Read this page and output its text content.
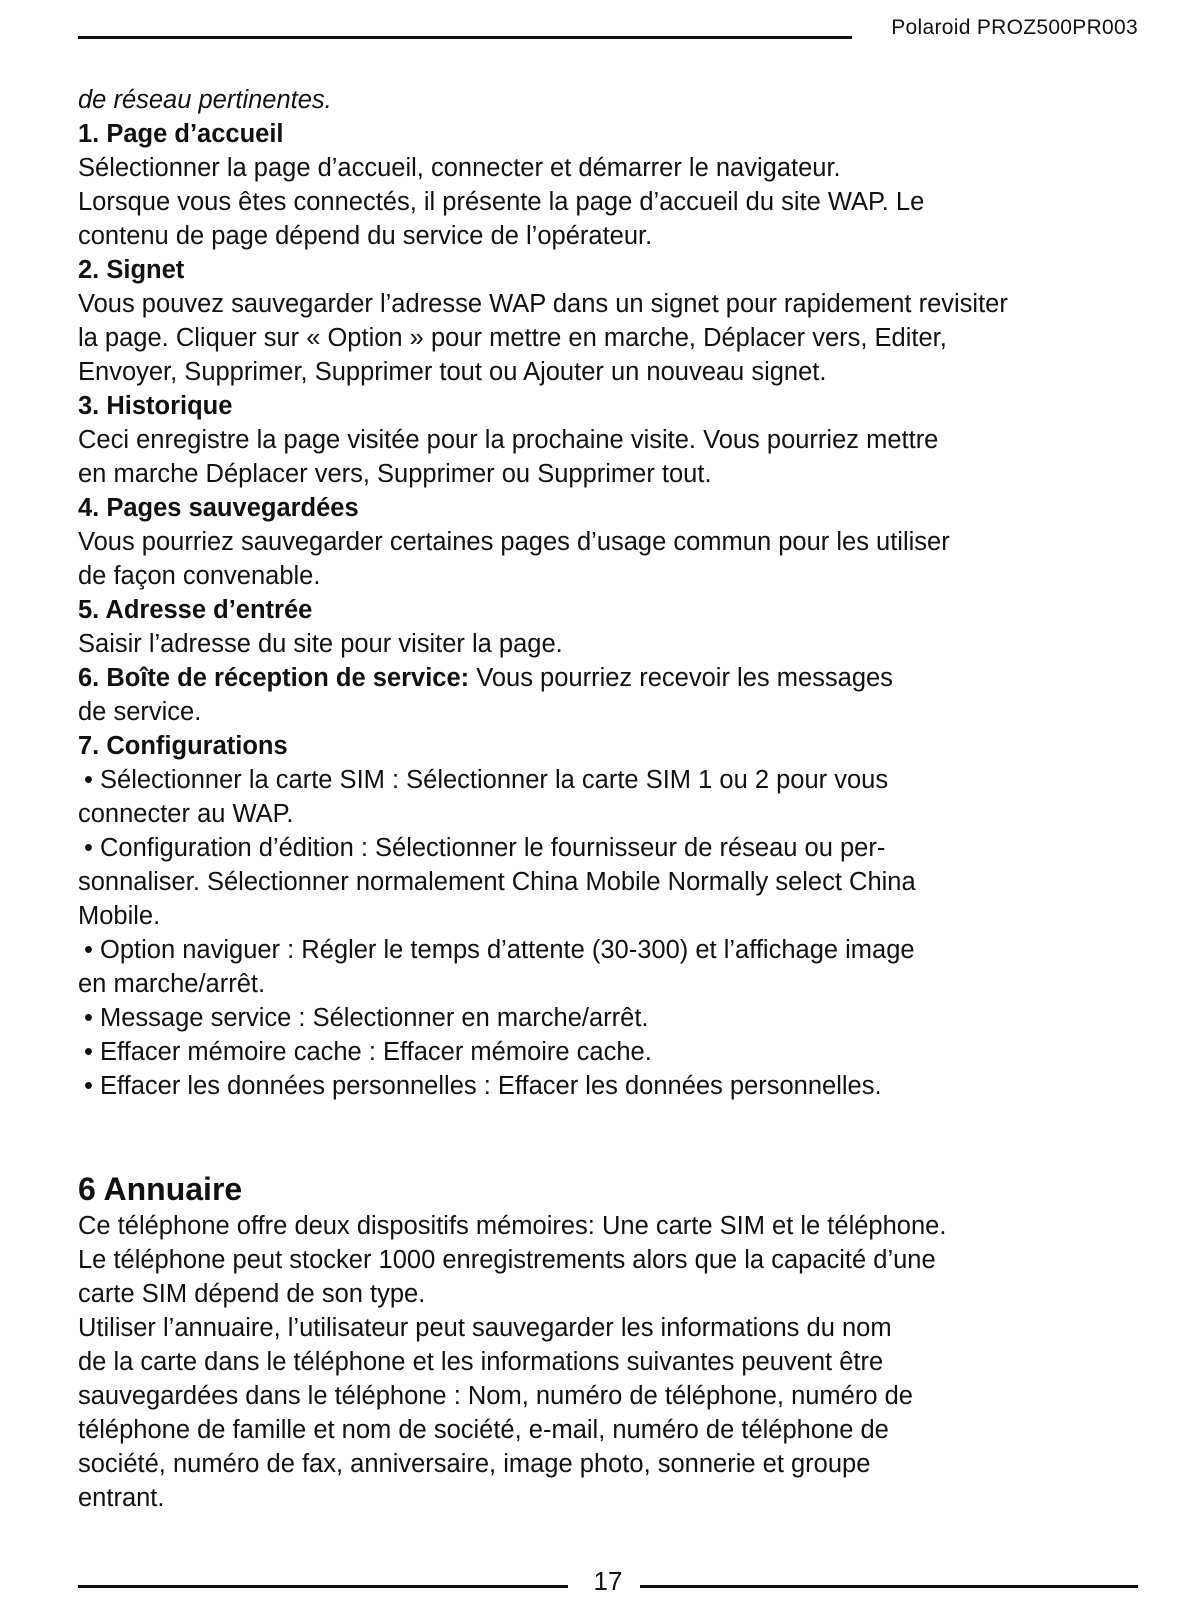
Polaroid PROZ500PR003

de réseau pertinentes.

1. Page d’accueil

Sélectionner la page d’accueil, connecter et démarrer le navigateur.

Lorsque vous êtes connectés, il présente la page d’accueil du site WAP. Le

contenu de page dépend du service de l’opérateur.

2. Signet

Vous pouvez sauvegarder l’adresse WAP dans un signet pour rapidement revisiter

la page. Cliquer sur « Option » pour mettre en marche, Déplacer vers, Editer,

Envoyer, Supprimer, Supprimer tout ou Ajouter un nouveau signet.

3. Historique

Ceci enregistre la page visitée pour la prochaine visite. Vous pourriez mettre

en marche Déplacer vers, Supprimer ou Supprimer tout.

4. Pages sauvegardées

Vous pourriez sauvegarder certaines pages d’usage commun pour les utiliser

de façon convenable.

5. Adresse d’entrée

Saisir l’adresse du site pour visiter la page.

6. Boîte de réception de service: Vous pourriez recevoir les messages

de service.

7. Configurations

• Sélectionner la carte SIM : Sélectionner la carte SIM 1 ou 2 pour vous

connecter au WAP.

• Configuration d’édition : Sélectionner le fournisseur de réseau ou per-

sonnaliser. Sélectionner normalement China Mobile Normally select China

Mobile.

• Option naviguer : Régler le temps d’attente (30-300) et l’affichage image

en marche/arrêt.

• Message service : Sélectionner en marche/arrêt.

• Effacer mémoire cache : Effacer mémoire cache.

• Effacer les données personnelles : Effacer les données personnelles.

6 Annuaire

Ce téléphone offre deux dispositifs mémoires: Une carte SIM et le téléphone.

Le téléphone peut stocker 1000 enregistrements alors que la capacité d’une

carte SIM dépend de son type.

Utiliser l’annuaire, l’utilisateur peut sauvegarder les informations du nom

de la carte dans le téléphone et les informations suivantes peuvent être

sauvegardées dans le téléphone : Nom, numéro de téléphone, numéro de

téléphone de famille et nom de société, e-mail, numéro de téléphone de

société, numéro de fax, anniversaire, image photo, sonnerie et groupe

entrant.

17
